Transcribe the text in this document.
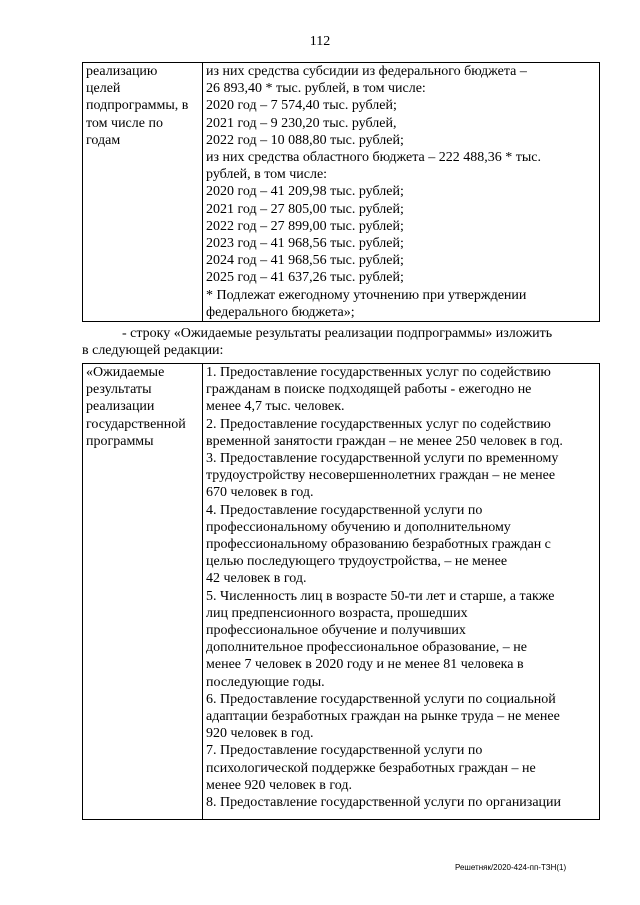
112
реализацию
целей
подпрограммы, в
том числе по
годам

из них средства субсидии из федерального бюджета –
26 893,40 * тыс. рублей, в том числе:
2020 год – 7 574,40 тыс. рублей;
2021 год – 9 230,20 тыс. рублей,
2022 год – 10 088,80 тыс. рублей;
из них средства областного бюджета – 222 488,36 * тыс.
рублей, в том числе:
2020 год – 41 209,98 тыс. рублей;
2021 год – 27 805,00 тыс. рублей;
2022 год – 27 899,00 тыс. рублей;
2023 год – 41 968,56 тыс. рублей;
2024 год – 41 968,56 тыс. рублей;
2025 год – 41 637,26 тыс. рублей;
* Подлежат ежегодному уточнению при утверждении
федерального бюджета»;
- строку «Ожидаемые результаты реализации подпрограммы» изложить
в следующей редакции:
«Ожидаемые
результаты
реализации
государственной
программы

1. Предоставление государственных услуг по содействию
гражданам в поиске подходящей работы - ежегодно не
менее 4,7 тыс. человек.
2. Предоставление государственных услуг по содействию
временной занятости граждан – не менее 250 человек в год.
3. Предоставление государственной услуги по временному
трудоустройству несовершеннолетних граждан – не менее
670 человек в год.
4. Предоставление государственной услуги по
профессиональному обучению и дополнительному
профессиональному образованию безработных граждан с
целью последующего трудоустройства, – не менее
42 человек в год.
5. Численность лиц в возрасте 50-ти лет и старше, а также
лиц предпенсионного возраста, прошедших
профессиональное обучение и получивших
дополнительное профессиональное образование, – не
менее 7 человек в 2020 году и не менее 81 человека в
последующие годы.
6. Предоставление государственной услуги по социальной
адаптации безработных граждан на рынке труда – не менее
920 человек в год.
7. Предоставление государственной услуги по
психологической поддержке безработных граждан – не
менее 920 человек в год.
8. Предоставление государственной услуги по организации
Решетняк/2020-424-пп-ТЗН(1)
